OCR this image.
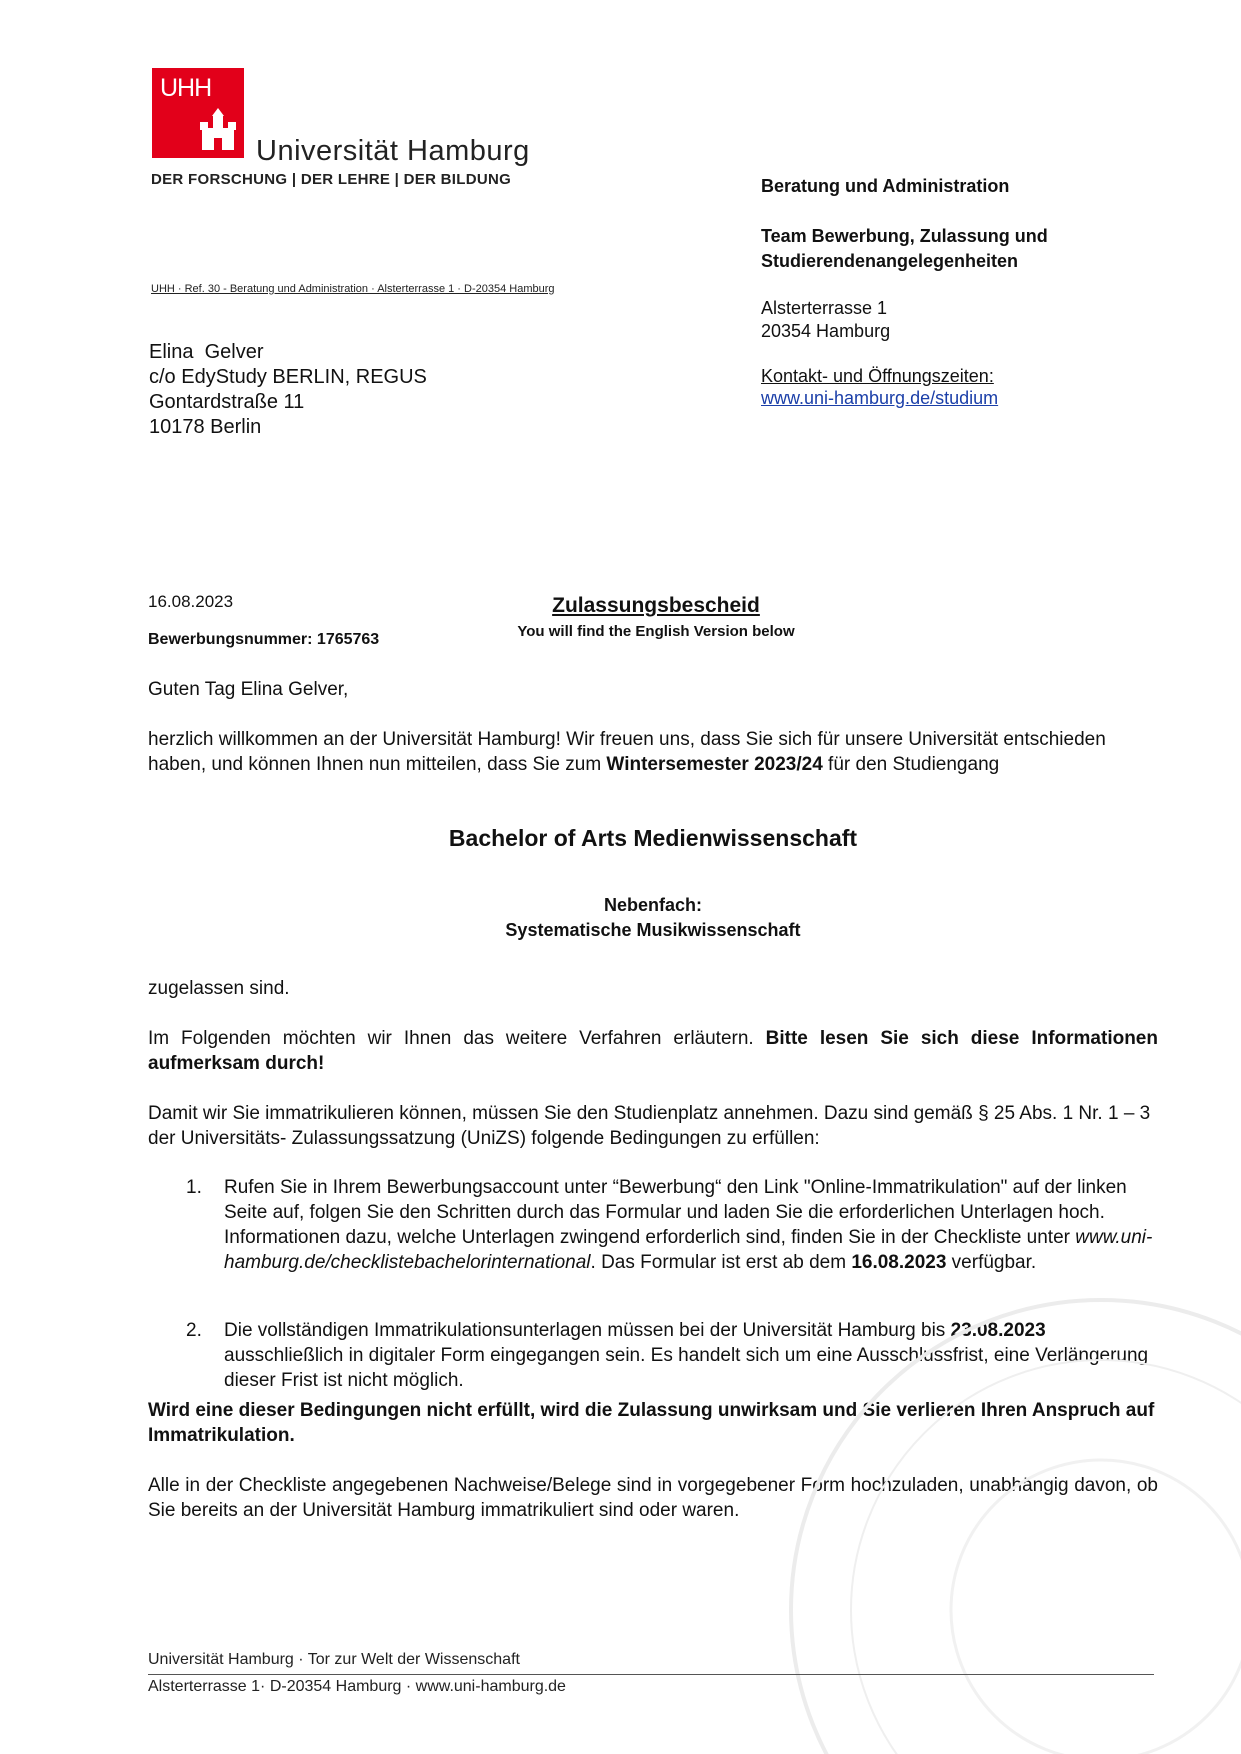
UHH
Universität Hamburg
DER FORSCHUNG | DER LEHRE | DER BILDUNG
UHH · Ref. 30 - Beratung und Administration · Alsterterrasse 1 · D-20354 Hamburg
Elina  Gelver
c/o EdyStudy BERLIN, REGUS
Gontardstraße 11
10178 Berlin
Beratung und Administration
Team Bewerbung, Zulassung und
Studierendenangelegenheiten
Alsterterrasse 1
20354 Hamburg
Kontakt- und Öffnungszeiten:
www.uni-hamburg.de/studium
16.08.2023
Bewerbungsnummer: 1765763
Zulassungsbescheid
You will find the English Version below
Guten Tag Elina Gelver,
herzlich willkommen an der Universität Hamburg! Wir freuen uns, dass Sie sich für unsere Universität entschieden haben, und können Ihnen nun mitteilen, dass Sie zum Wintersemester 2023/24 für den Studiengang
Bachelor of Arts Medienwissenschaft
Nebenfach:
Systematische Musikwissenschaft
zugelassen sind.
Im Folgenden möchten wir Ihnen das weitere Verfahren erläutern. Bitte lesen Sie sich diese Informationen aufmerksam durch!
Damit wir Sie immatrikulieren können, müssen Sie den Studienplatz annehmen. Dazu sind gemäß § 25 Abs. 1 Nr. 1 – 3 der Universitäts- Zulassungssatzung (UniZS) folgende Bedingungen zu erfüllen:
1. Rufen Sie in Ihrem Bewerbungsaccount unter “Bewerbung“ den Link "Online-Immatrikulation" auf der linken Seite auf, folgen Sie den Schritten durch das Formular und laden Sie die erforderlichen Unterlagen hoch. Informationen dazu, welche Unterlagen zwingend erforderlich sind, finden Sie in der Checkliste unter www.uni-hamburg.de/checklistebachelorinternational. Das Formular ist erst ab dem 16.08.2023 verfügbar.
2. Die vollständigen Immatrikulationsunterlagen müssen bei der Universität Hamburg bis 23.08.2023 ausschließlich in digitaler Form eingegangen sein. Es handelt sich um eine Ausschlussfrist, eine Verlängerung dieser Frist ist nicht möglich.
Wird eine dieser Bedingungen nicht erfüllt, wird die Zulassung unwirksam und Sie verlieren Ihren Anspruch auf Immatrikulation.
Alle in der Checkliste angegebenen Nachweise/Belege sind in vorgegebener Form hochzuladen, unabhängig davon, ob Sie bereits an der Universität Hamburg immatrikuliert sind oder waren.
Universität Hamburg · Tor zur Welt der Wissenschaft
Alsterterrasse 1· D-20354 Hamburg · www.uni-hamburg.de
